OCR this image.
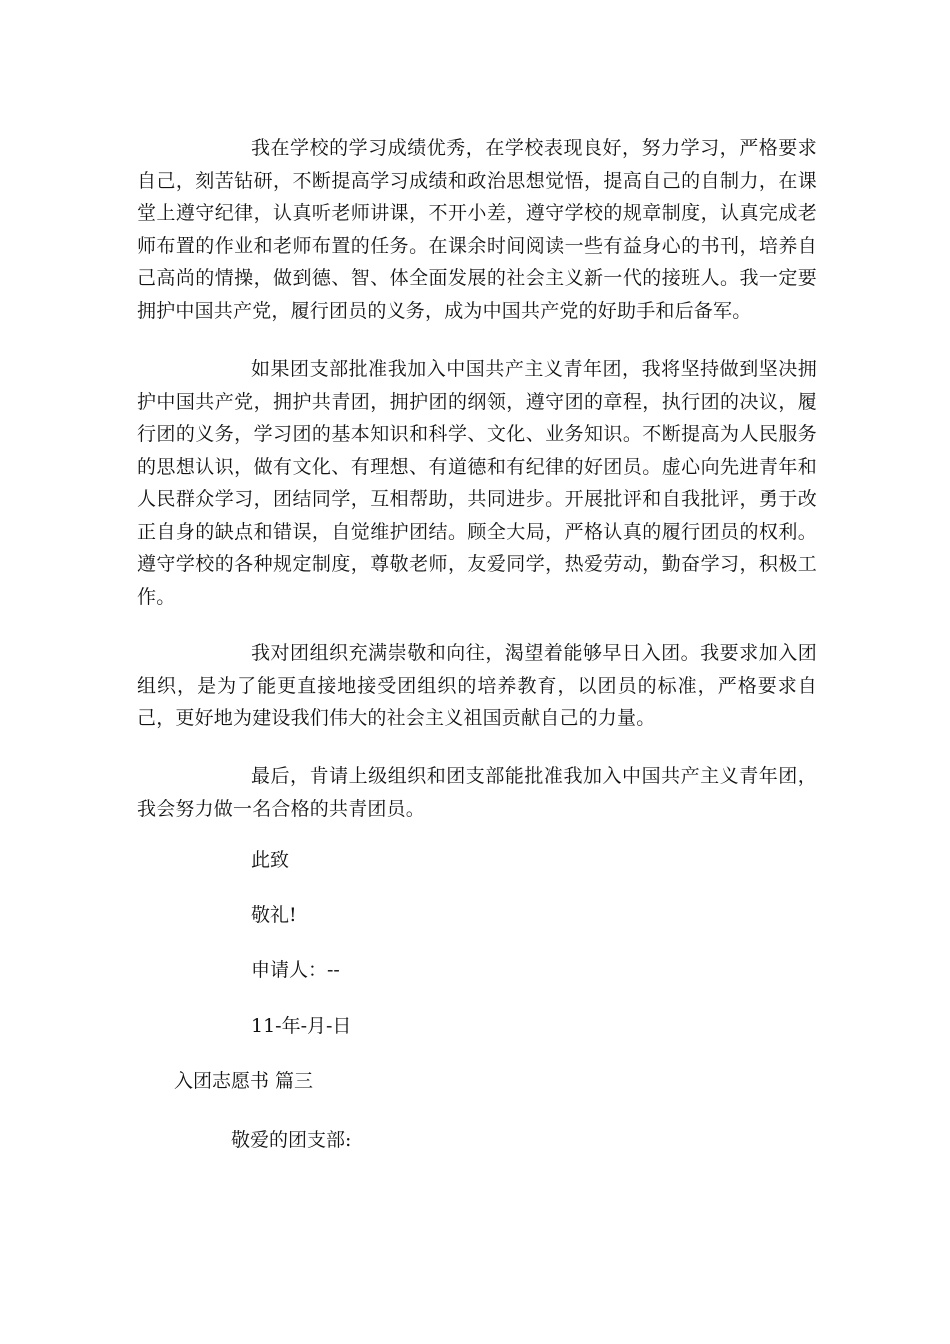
我在学校的学习成绩优秀，在学校表现良好，努力学习，严格要求自己，刻苦钻研，不断提高学习成绩和政治思想觉悟，提高自己的自制力，在课堂上遵守纪律，认真听老师讲课，不开小差，遵守学校的规章制度，认真完成老师布置的作业和老师布置的任务。在课余时间阅读一些有益身心的书刊，培养自己高尚的情操，做到德、智、体全面发展的社会主义新一代的接班人。我一定要拥护中国共产党，履行团员的义务，成为中国共产党的好助手和后备军。

如果团支部批准我加入中国共产主义青年团，我将坚持做到坚决拥护中国共产党，拥护共青团，拥护团的纲领，遵守团的章程，执行团的决议，履行团的义务，学习团的基本知识和科学、文化、业务知识。不断提高为人民服务的思想认识，做有文化、有理想、有道德和有纪律的好团员。虚心向先进青年和人民群众学习，团结同学，互相帮助，共同进步。开展批评和自我批评，勇于改正自身的缺点和错误，自觉维护团结。顾全大局，严格认真的履行团员的权利。遵守学校的各种规定制度，尊敬老师，友爱同学，热爱劳动，勤奋学习，积极工作。

我对团组织充满崇敬和向往，渴望着能够早日入团。我要求加入团组织，是为了能更直接地接受团组织的培养教育，以团员的标准，严格要求自己，更好地为建设我们伟大的社会主义祖国贡献自己的力量。

最后，肯请上级组织和团支部能批准我加入中国共产主义青年团，我会努力做一名合格的共青团员。

此致

敬礼!

申请人：--

11-年-月-日

入团志愿书 篇三

敬爱的团支部:
